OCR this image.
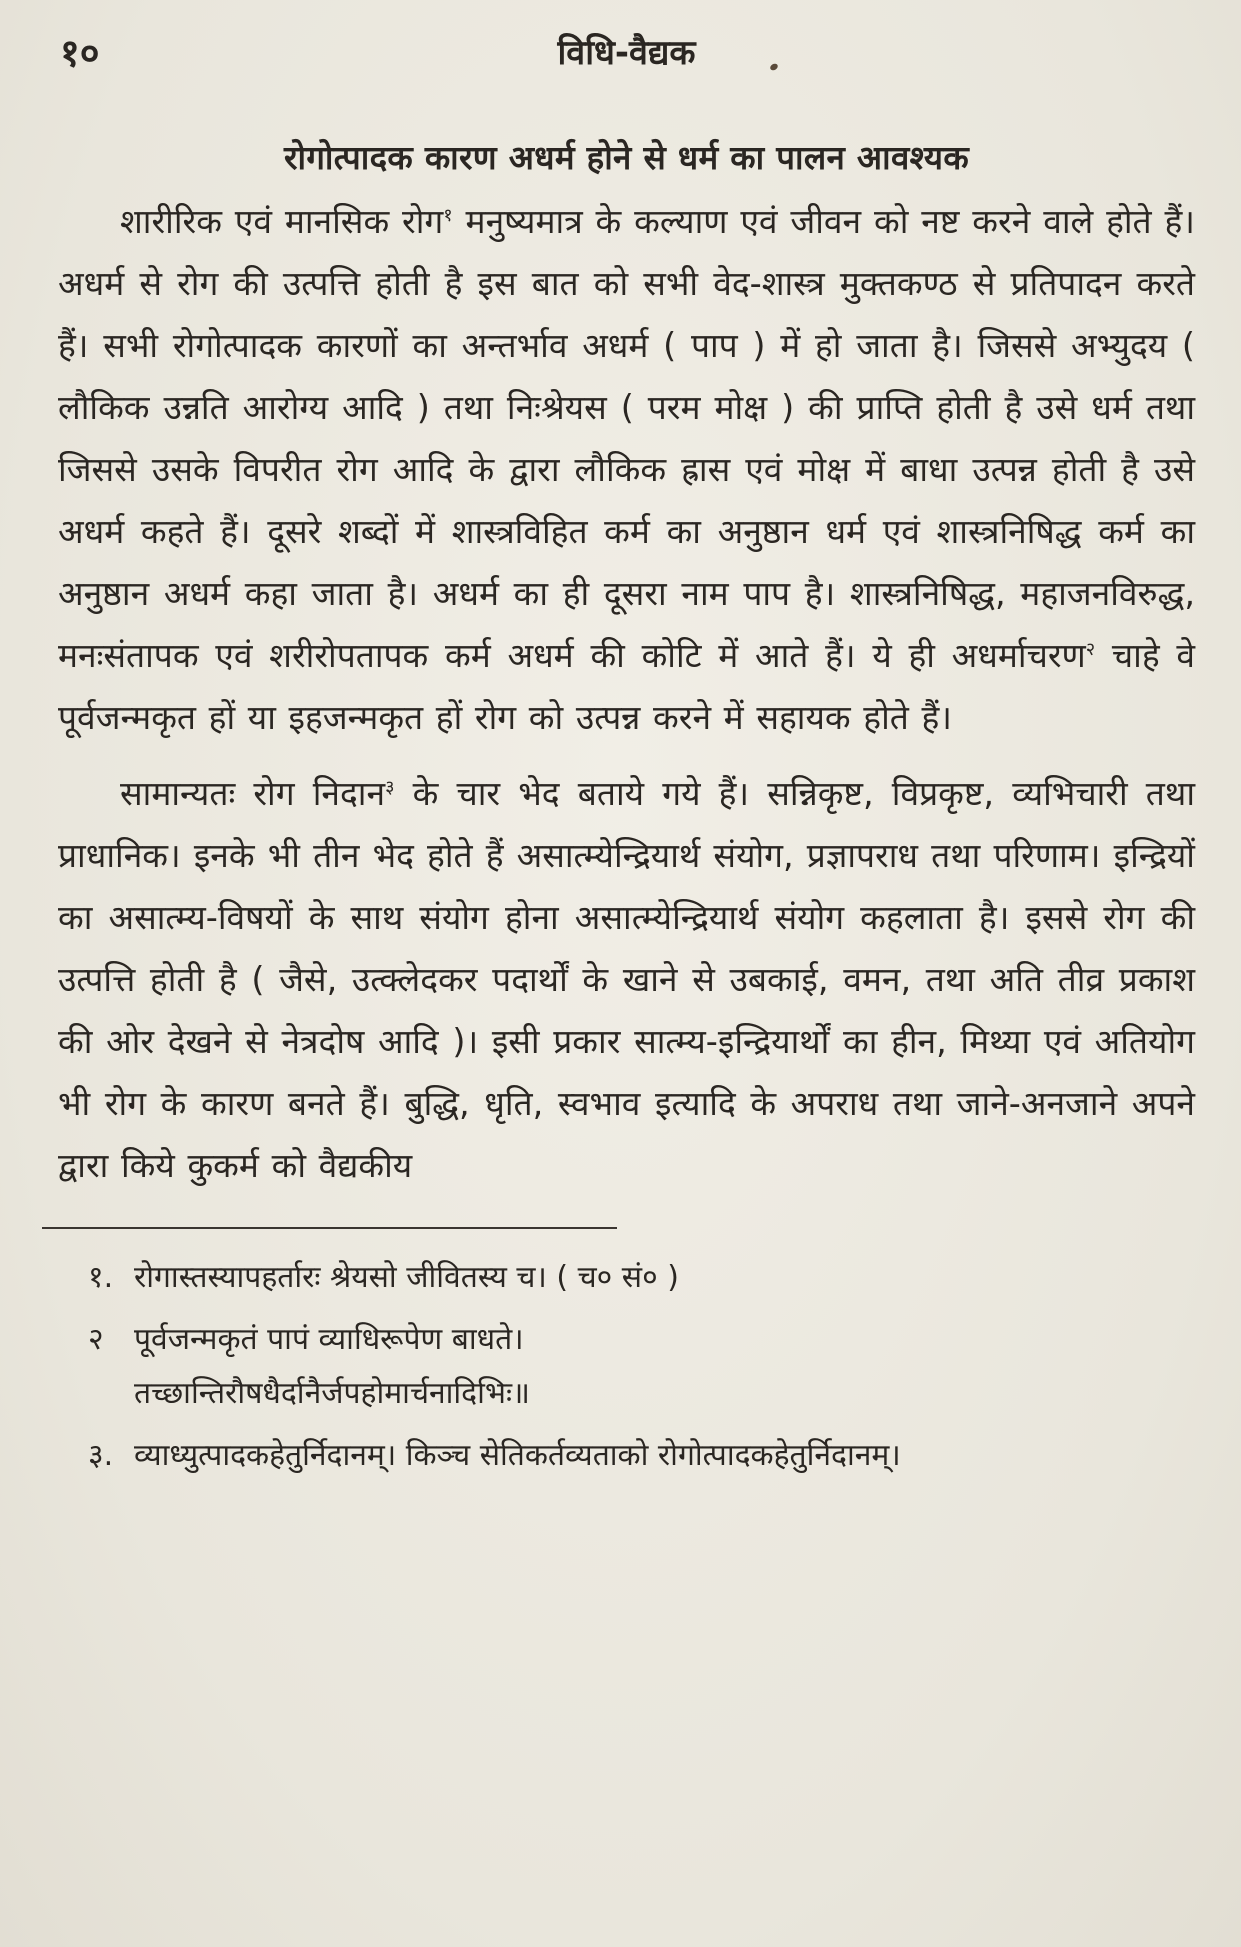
१०	विधि-वैद्यक
रोगोत्पादक कारण अधर्म होने से धर्म का पालन आवश्यक

शारीरिक एवं मानसिक रोग$^१$ मनुष्यमात्र के कल्याण एवं जीवन को नष्ट करने वाले होते हैं। अधर्म से रोग की उत्पत्ति होती है इस बात को सभी वेद-शास्त्र मुक्तकण्ठ से प्रतिपादन करते हैं। सभी रोगोत्पादक कारणों का अन्तर्भाव अधर्म ( पाप ) में हो जाता है। जिससे अभ्युदय ( लौकिक उन्नति आरोग्य आदि ) तथा निःश्रेयस ( परम मोक्ष ) की प्राप्ति होती है उसे धर्म तथा जिससे उसके विपरीत रोग आदि के द्वारा लौकिक ह्रास एवं मोक्ष में बाधा उत्पन्न होती है उसे अधर्म कहते हैं। दूसरे शब्दों में शास्त्रविहित कर्म का अनुष्ठान धर्म एवं शास्त्रनिषिद्ध कर्म का अनुष्ठान अधर्म कहा जाता है। अधर्म का ही दूसरा नाम पाप है। शास्त्रनिषिद्ध, महाजनविरुद्ध, मनःसंतापक एवं शरीरोपतापक कर्म अधर्म की कोटि में आते हैं। ये ही अधर्माचरण$^२$ चाहे वे पूर्वजन्मकृत हों या इहजन्मकृत हों रोग को उत्पन्न करने में सहायक होते हैं।

सामान्यतः रोग निदान$^३$ के चार भेद बताये गये हैं। सन्निकृष्ट, विप्रकृष्ट, व्यभिचारी तथा प्राधानिक। इनके भी तीन भेद होते हैं असात्म्येन्द्रियार्थ संयोग, प्रज्ञापराध तथा परिणाम। इन्द्रियों का असात्म्य-विषयों के साथ संयोग होना असात्म्येन्द्रियार्थ संयोग कहलाता है। इससे रोग की उत्पत्ति होती है ( जैसे, उत्क्लेदकर पदार्थों के खाने से उबकाई, वमन, तथा अति तीव्र प्रकाश की ओर देखने से नेत्रदोष आदि )। इसी प्रकार सात्म्य-इन्द्रियार्थों का हीन, मिथ्या एवं अतियोग भी रोग के कारण बनते हैं। बुद्धि, धृति, स्वभाव इत्यादि के अपराध तथा जाने-अनजाने अपने द्वारा किये कुकर्म को वैद्यकीय

१. रोगास्तस्यापहर्तारः श्रेयसो जीवितस्य च। ( च० सं० )
२ पूर्वजन्मकृतं पापं व्याधिरूपेण बाधते।
तच्छान्तिरौषधैर्दानैर्जपहोमार्चनादिभिः॥
३. व्याध्युत्पादकहेतुर्निदानम्। किञ्च सेतिकर्तव्यताको रोगोत्पादकहेतुर्निदानम्।
